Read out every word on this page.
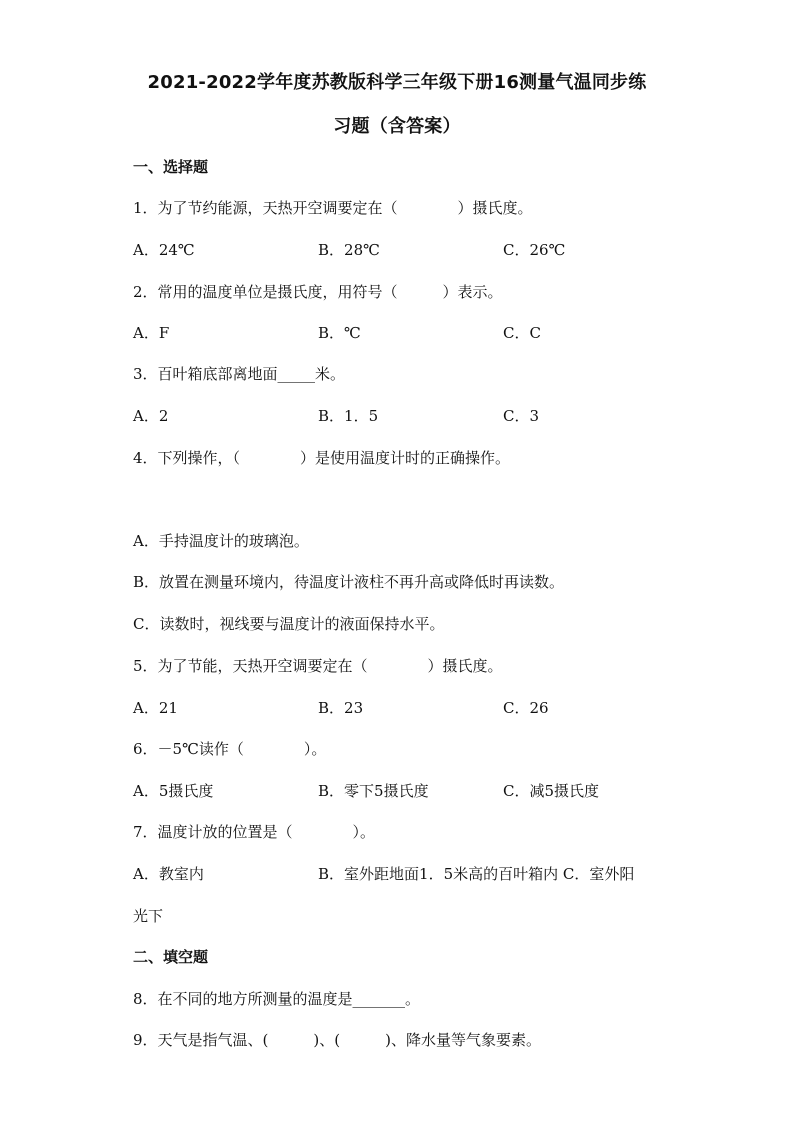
2021-2022学年度苏教版科学三年级下册16测量气温同步练
习题（含答案）
一、选择题
1．为了节约能源，天热开空调要定在（　　　　）摄氏度。
A．24℃	B．28℃	C．26℃
2．常用的温度单位是摄氏度，用符号（　　　）表示。
A．F	B．℃	C．C
3．百叶箱底部离地面_____米。
A．2	B．1．5	C．3
4．下列操作，（　　　　）是使用温度计时的正确操作。
A．手持温度计的玻璃泡。
B．放置在测量环境内，待温度计液柱不再升高或降低时再读数。
C．读数时，视线要与温度计的液面保持水平。
5．为了节能，天热开空调要定在（　　　　）摄氏度。
A．21	B．23	C．26
6．－5℃读作（　　　　）。
A．5摄氏度	B．零下5摄氏度	C．减5摄氏度
7．温度计放的位置是（　　　　）。
A．教室内	B．室外距地面1．5米高的百叶箱内 C．室外阳
光下
二、填空题
8．在不同的地方所测量的温度是_______。
9．天气是指气温、(　　　)、(　　　)、降水量等气象要素。
